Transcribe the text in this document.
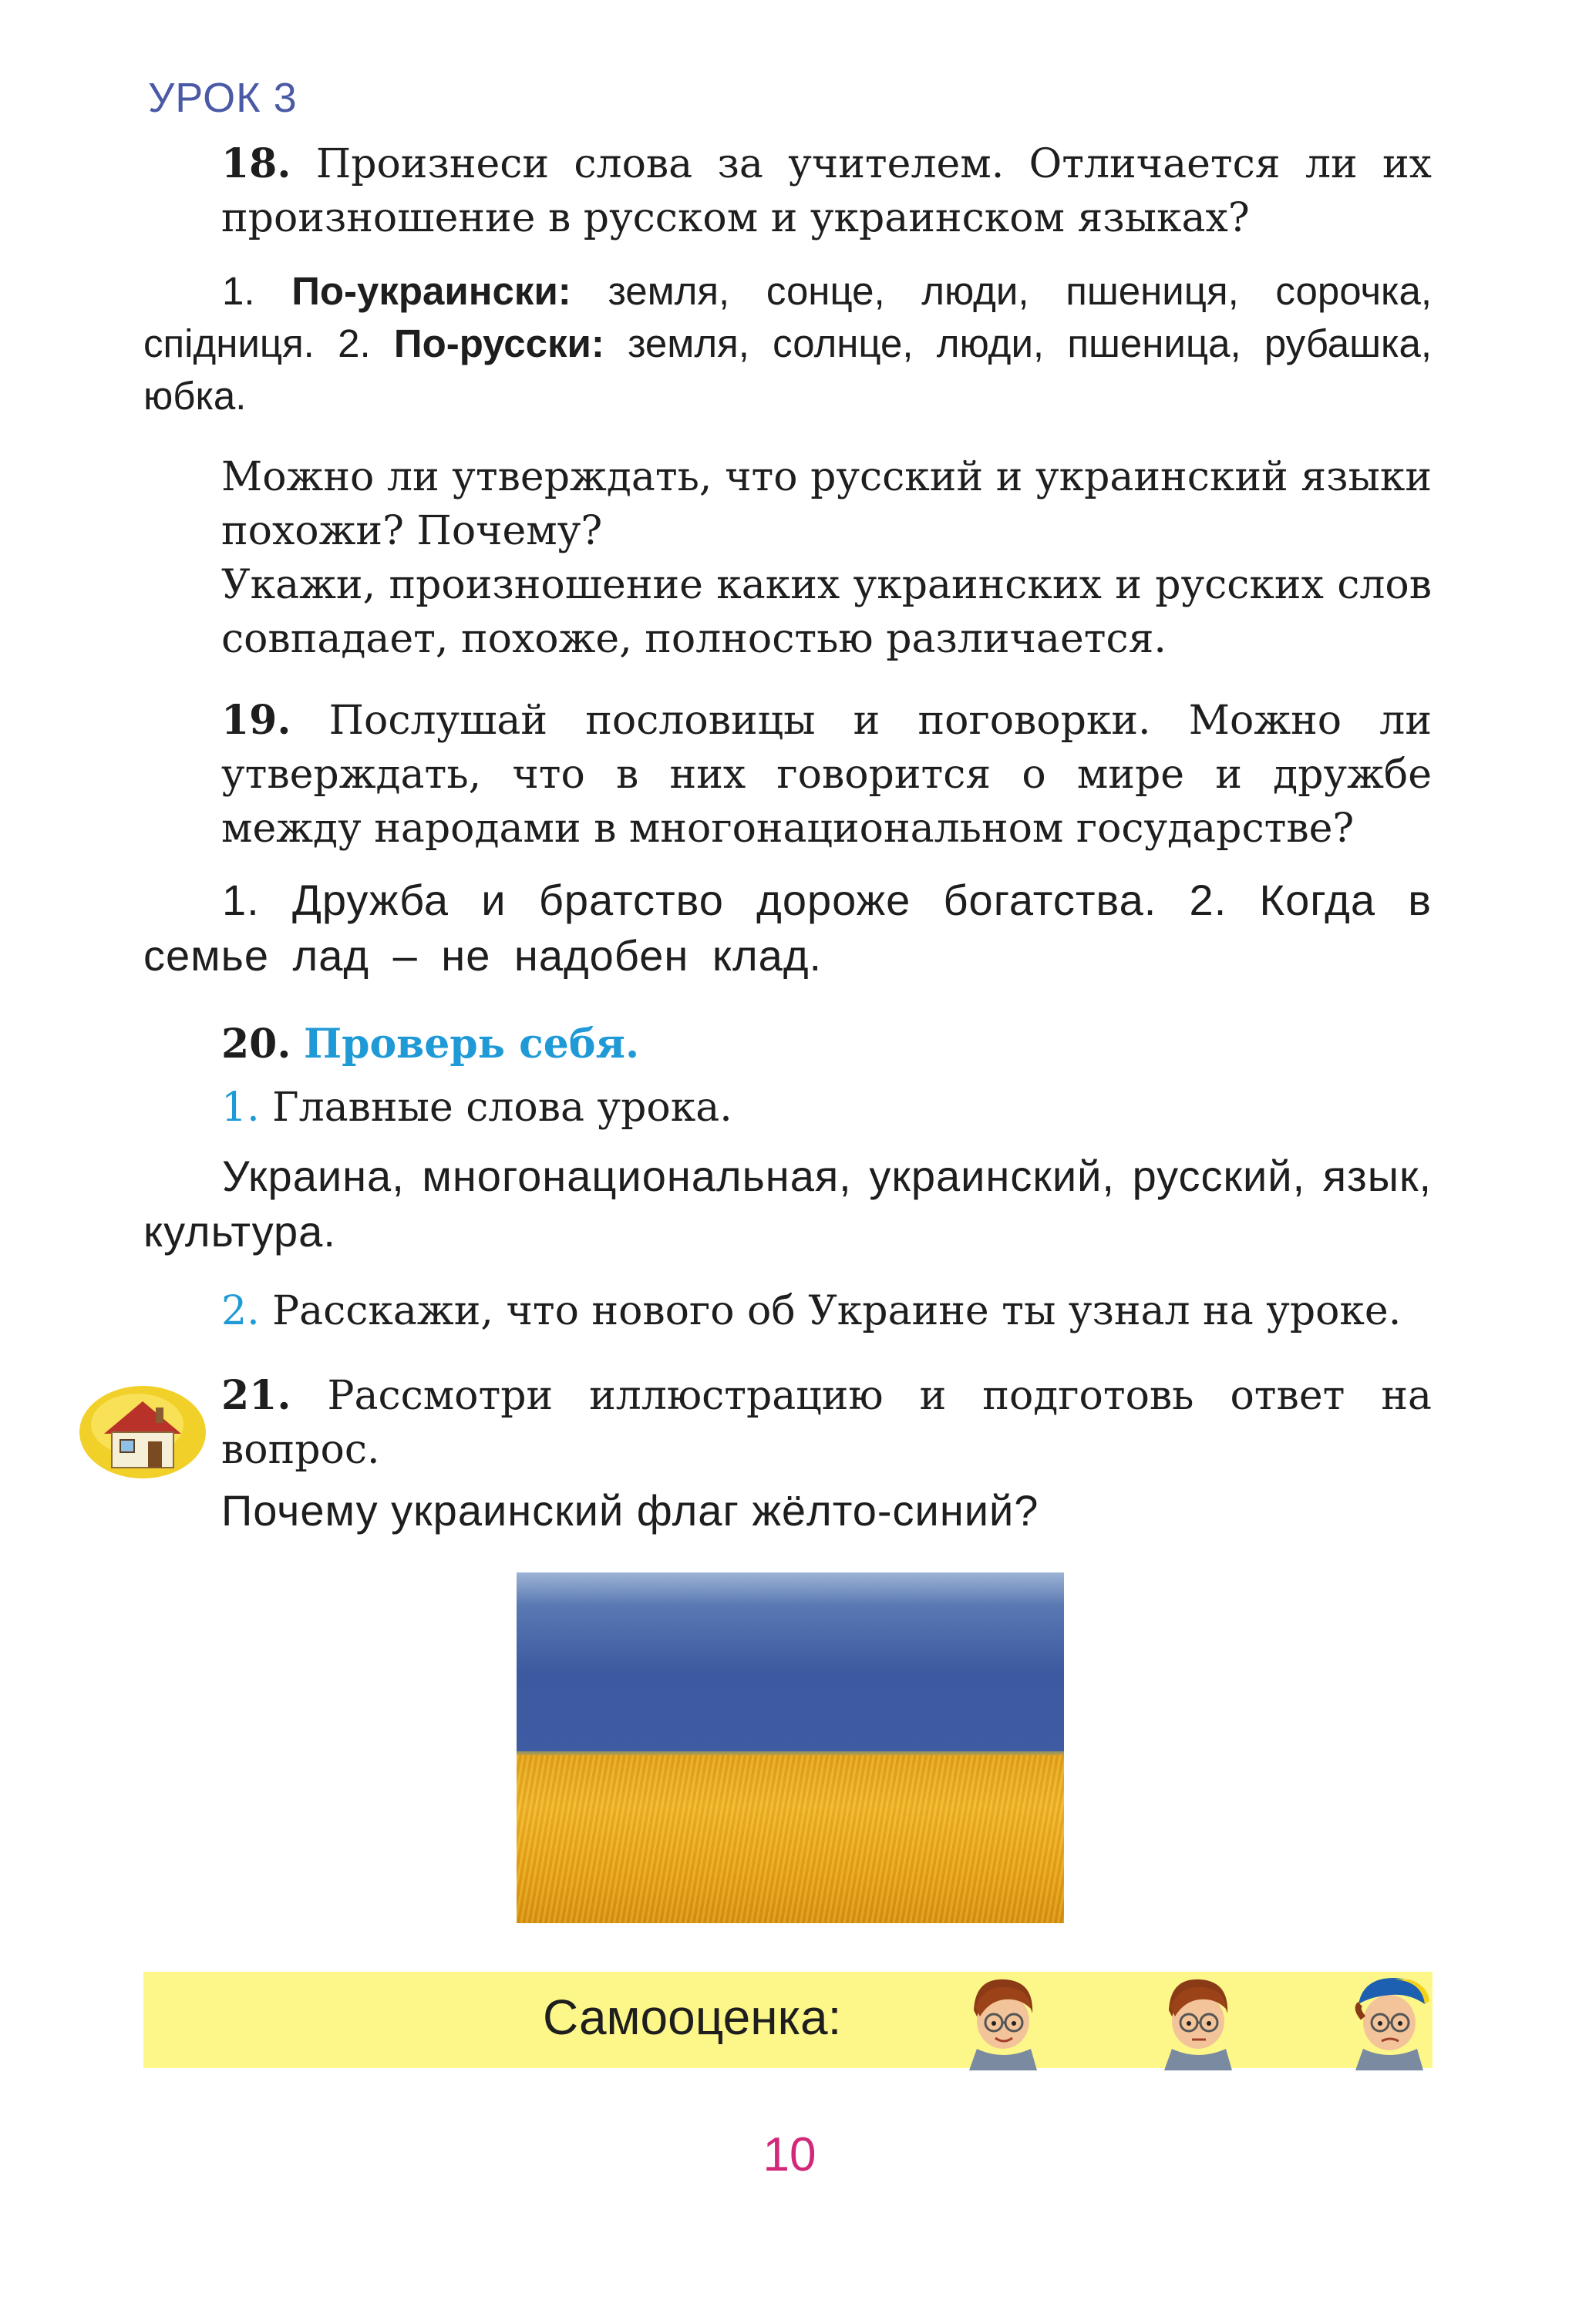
УРОК 3
18. Произнеси слова за учителем. Отличается ли их произношение в русском и украинском языках?
1. По-украински: земля, сонце, люди, пшениця, сорочка, спідниця. 2. По-русски: земля, солнце, люди, пшеница, рубашка, юбка.
Можно ли утверждать, что русский и украинский языки похожи? Почему?
Укажи, произношение каких украинских и русских слов совпадает, похоже, полностью различается.
19. Послушай пословицы и поговорки. Можно ли утверждать, что в них говорится о мире и дружбе между народами в многонациональном государстве?
1. Дружба и братство дороже богатства. 2. Когда в семье лад – не надобен клад.
20. Проверь себя.
1. Главные слова урока.
Украина, многонациональная, украинский, русский, язык, культура.
2. Расскажи, что нового об Украине ты узнал на уроке.
21. Рассмотри иллюстрацию и подготовь ответ на вопрос.
Почему украинский флаг жёлто-синий?
Самооценка:
10
